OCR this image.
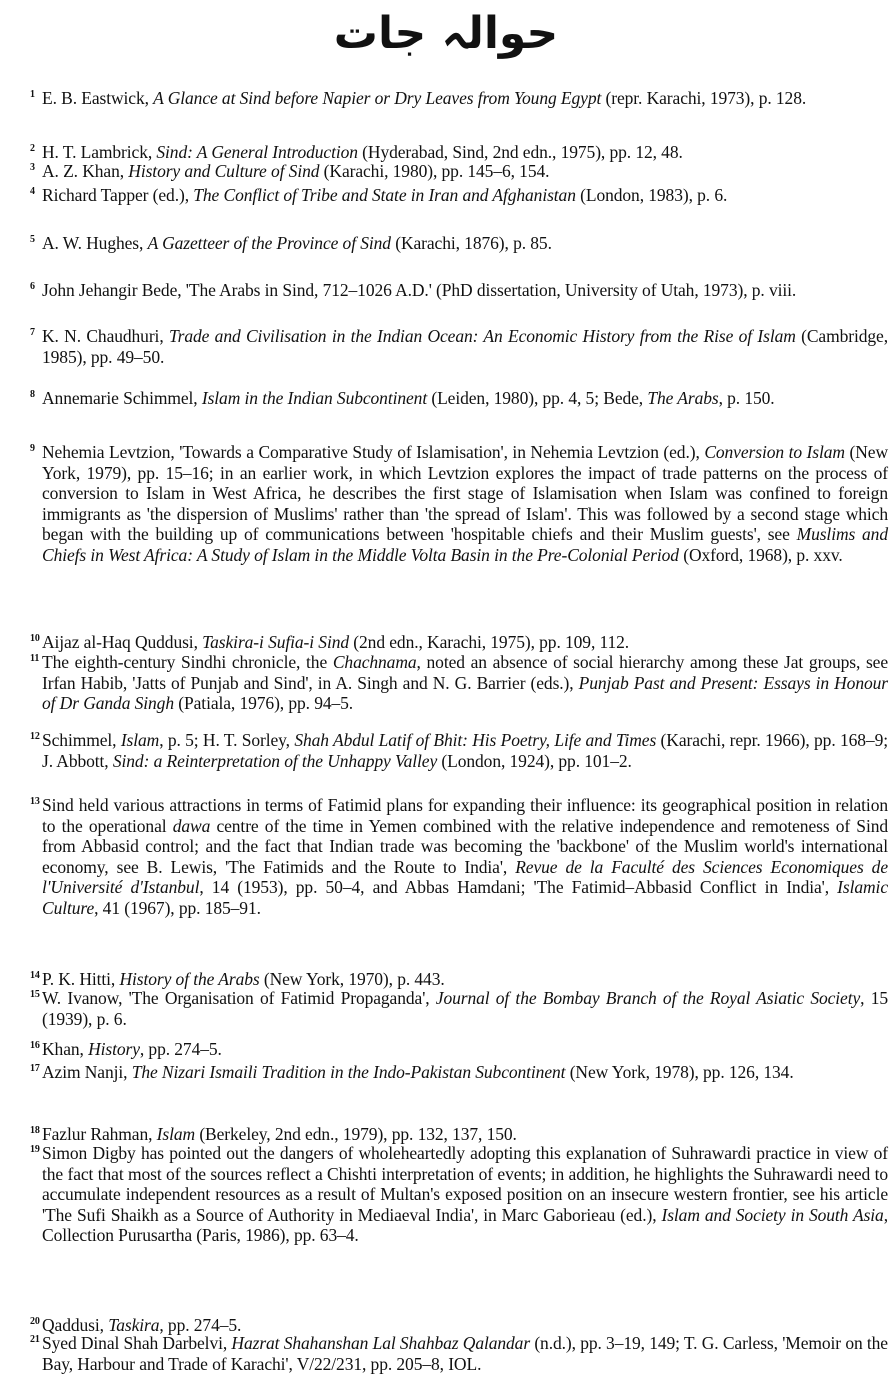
حوالہ جات
1 E. B. Eastwick, A Glance at Sind before Napier or Dry Leaves from Young Egypt (repr. Karachi, 1973), p. 128.

2 H. T. Lambrick, Sind: A General Introduction (Hyderabad, Sind, 2nd edn., 1975), pp. 12, 48.

3 A. Z. Khan, History and Culture of Sind (Karachi, 1980), pp. 145–6, 154.

4 Richard Tapper (ed.), The Conflict of Tribe and State in Iran and Afghanistan (London, 1983), p. 6.

5 A. W. Hughes, A Gazetteer of the Province of Sind (Karachi, 1876), p. 85.

6 John Jehangir Bede, 'The Arabs in Sind, 712–1026 A.D.' (PhD dissertation, University of Utah, 1973), p. viii.

7 K. N. Chaudhuri, Trade and Civilisation in the Indian Ocean: An Economic History from the Rise of Islam (Cambridge, 1985), pp. 49–50.

8 Annemarie Schimmel, Islam in the Indian Subcontinent (Leiden, 1980), pp. 4, 5; Bede, The Arabs, p. 150.

9 Nehemia Levtzion, 'Towards a Comparative Study of Islamisation', in Nehemia Levtzion (ed.), Conversion to Islam (New York, 1979), pp. 15–16; in an earlier work, in which Levtzion explores the impact of trade patterns on the process of conversion to Islam in West Africa, he describes the first stage of Islamisation when Islam was confined to foreign immigrants as 'the dispersion of Muslims' rather than 'the spread of Islam'. This was followed by a second stage which began with the building up of communications between 'hospitable chiefs and their Muslim guests', see Muslims and Chiefs in West Africa: A Study of Islam in the Middle Volta Basin in the Pre-Colonial Period (Oxford, 1968), p. xxv.

10 Aijaz al-Haq Quddusi, Taskira-i Sufia-i Sind (2nd edn., Karachi, 1975), pp. 109, 112.

11 The eighth-century Sindhi chronicle, the Chachnama, noted an absence of social hierarchy among these Jat groups, see Irfan Habib, 'Jatts of Punjab and Sind', in A. Singh and N. G. Barrier (eds.), Punjab Past and Present: Essays in Honour of Dr Ganda Singh (Patiala, 1976), pp. 94–5.

12 Schimmel, Islam, p. 5; H. T. Sorley, Shah Abdul Latif of Bhit: His Poetry, Life and Times (Karachi, repr. 1966), pp. 168–9; J. Abbott, Sind: a Reinterpretation of the Unhappy Valley (London, 1924), pp. 101–2.

13 Sind held various attractions in terms of Fatimid plans for expanding their influence: its geographical position in relation to the operational dawa centre of the time in Yemen combined with the relative independence and remoteness of Sind from Abbasid control; and the fact that Indian trade was becoming the 'backbone' of the Muslim world's international economy, see B. Lewis, 'The Fatimids and the Route to India', Revue de la Faculté des Sciences Economiques de l'Université d'Istanbul, 14 (1953), pp. 50–4, and Abbas Hamdani; 'The Fatimid–Abbasid Conflict in India', Islamic Culture, 41 (1967), pp. 185–91.

14 P. K. Hitti, History of the Arabs (New York, 1970), p. 443.

15 W. Ivanow, 'The Organisation of Fatimid Propaganda', Journal of the Bombay Branch of the Royal Asiatic Society, 15 (1939), p. 6.

16 Khan, History, pp. 274–5.

17 Azim Nanji, The Nizari Ismaili Tradition in the Indo-Pakistan Subcontinent (New York, 1978), pp. 126, 134.

18 Fazlur Rahman, Islam (Berkeley, 2nd edn., 1979), pp. 132, 137, 150.

19 Simon Digby has pointed out the dangers of wholeheartedly adopting this explanation of Suhrawardi practice in view of the fact that most of the sources reflect a Chishti interpretation of events; in addition, he highlights the Suhrawardi need to accumulate independent resources as a result of Multan's exposed position on an insecure western frontier, see his article 'The Sufi Shaikh as a Source of Authority in Mediaeval India', in Marc Gaborieau (ed.), Islam and Society in South Asia, Collection Purusartha (Paris, 1986), pp. 63–4.

20 Qaddusi, Taskira, pp. 274–5.

21 Syed Dinal Shah Darbelvi, Hazrat Shahanshan Lal Shahbaz Qalandar (n.d.), pp. 3–19, 149; T. G. Carless, 'Memoir on the Bay, Harbour and Trade of Karachi', V/22/231, pp. 205–8, IOL.
